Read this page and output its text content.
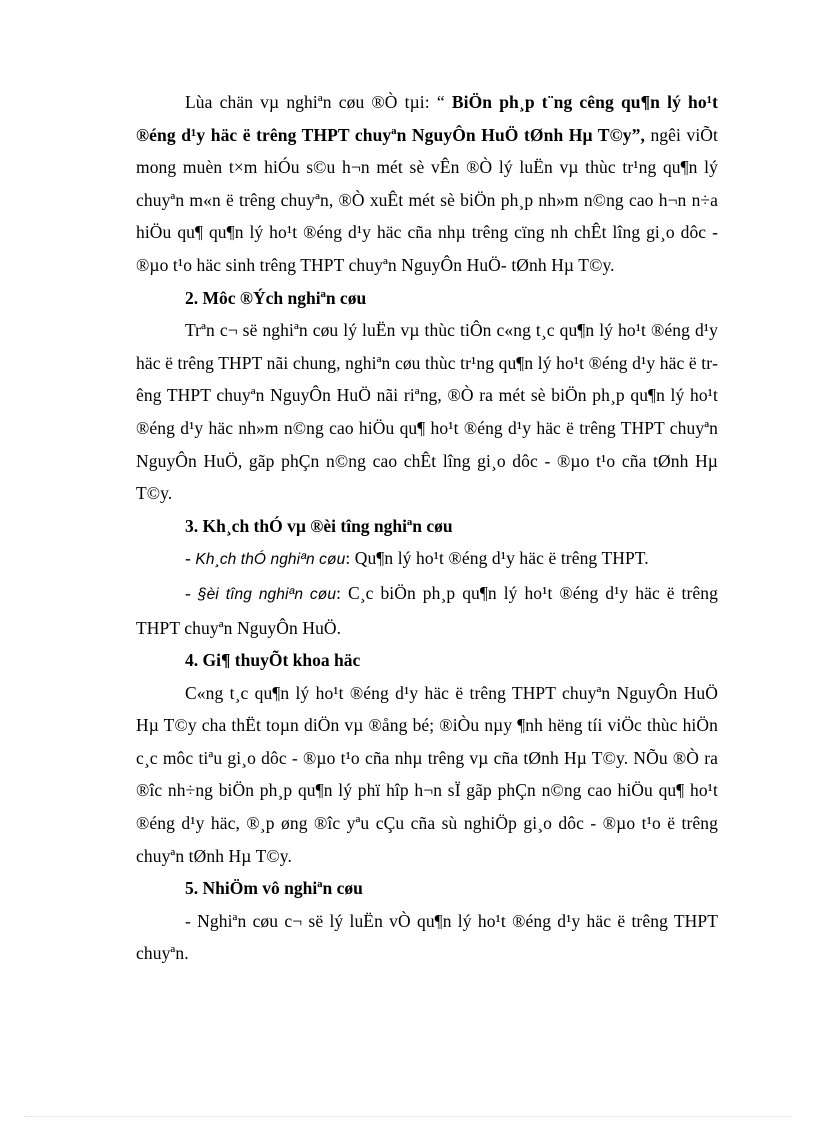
Lùa chän vµ nghiªn cøu ®Ò tµi: “ BiÖn ph¸p t¨ng cêng qu¶n lý ho¹t ®éng d¹y häc ë trêng THPT chuyªn NguyÔn HuÖ tØnh Hµ T©y”, ngêi viÕt mong muèn t×m hiÓu s©u h¬n mét sè vÊn ®Ò lý luËn vµ thùc tr¹ng qu¶n lý chuyªn m«n ë trêng chuyªn, ®Ò xuÊt mét sè biÖn ph¸p nh»m n©ng cao h¬n n÷a hiÖu qu¶ qu¶n lý ho¹t ®éng d¹y häc cña nhµ trêng cïng nh chÊt lîng gi¸o dôc - ®µo t¹o häc sinh trêng THPT chuyªn NguyÔn HuÖ- tØnh Hµ T©y.

2. Môc ®Ých nghiªn cøu

Trªn c¬ së nghiªn cøu lý luËn vµ thùc tiÔn c«ng t¸c qu¶n lý ho¹t ®éng d¹y häc ë trêng THPT nãi chung, nghiªn cøu thùc tr¹ng qu¶n lý ho¹t ®éng d¹y häc ë trêng THPT chuyªn NguyÔn HuÖ nãi riªng, ®Ò ra mét sè biÖn ph¸p qu¶n lý ho¹t ®éng d¹y häc nh»m n©ng cao hiÖu qu¶ ho¹t ®éng d¹y häc ë trêng THPT chuyªn NguyÔn HuÖ, gãp phÇn n©ng cao chÊt lîng gi¸o dôc - ®µo t¹o cña tØnh Hµ T©y.

3. Kh¸ch thÓ vµ ®èi tîng nghiªn cøu

- Kh¸ch thÓ nghiªn cøu: Qu¶n lý ho¹t ®éng d¹y häc ë trêng THPT.

- §èi tîng nghiªn cøu: C¸c biÖn ph¸p qu¶n lý ho¹t ®éng d¹y häc ë trêng THPT chuyªn NguyÔn HuÖ.

4. Gi¶ thuyÕt khoa häc

C«ng t¸c qu¶n lý ho¹t ®éng d¹y häc ë trêng THPT chuyªn NguyÔn HuÖ Hµ T©y cha thËt toµn diÖn vµ ®ång bé; ®iÒu nµy ¶nh hëng tíi viÖc thùc hiÖn c¸c môc tiªu gi¸o dôc - ®µo t¹o cña nhµ trêng vµ cña tØnh Hµ T©y. NÕu ®Ò ra ®îc nh÷ng biÖn ph¸p qu¶n lý phï hîp h¬n sÏ gãp phÇn n©ng cao hiÖu qu¶ ho¹t ®éng d¹y häc, ®¸p øng ®îc yªu cÇu cña sù nghiÖp gi¸o dôc - ®µo t¹o ë trêng chuyªn tØnh Hµ T©y.

5. NhiÖm vô nghiªn cøu

- Nghiªn cøu c¬ së lý luËn vÒ qu¶n lý ho¹t ®éng d¹y häc ë trêng THPT chuyªn.
